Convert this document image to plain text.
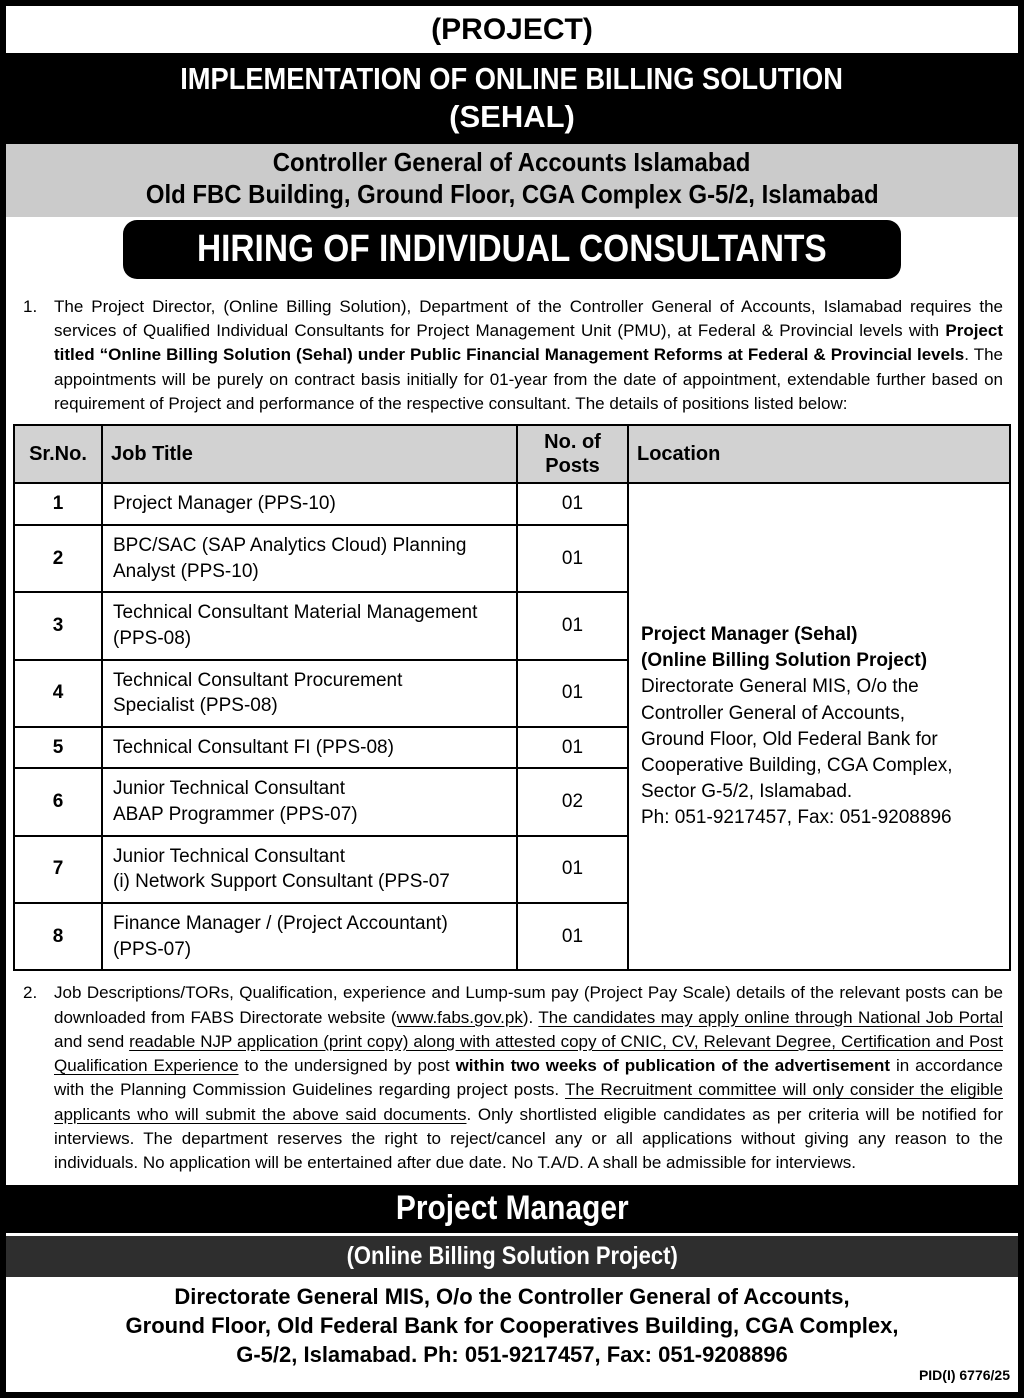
(PROJECT)
IMPLEMENTATION OF ONLINE BILLING SOLUTION
(SEHAL)
Controller General of Accounts Islamabad
Old FBC Building, Ground Floor, CGA Complex G-5/2, Islamabad
HIRING OF INDIVIDUAL CONSULTANTS
1. The Project Director, (Online Billing Solution), Department of the Controller General of Accounts, Islamabad requires the services of Qualified Individual Consultants for Project Management Unit (PMU), at Federal & Provincial levels with Project titled “Online Billing Solution (Sehal) under Public Financial Management Reforms at Federal & Provincial levels. The appointments will be purely on contract basis initially for 01-year from the date of appointment, extendable further based on requirement of Project and performance of the respective consultant. The details of positions listed below:
Sr.No.	Job Title	No. of Posts	Location
1	Project Manager (PPS-10)	01	
Project Manager (Sehal)
(Online Billing Solution Project)
Directorate General MIS, O/o the
Controller General of Accounts,
Ground Floor, Old Federal Bank for
Cooperative Building, CGA Complex,
Sector G-5/2, Islamabad.
Ph: 051-9217457, Fax: 051-9208896

2	BPC/SAC (SAP Analytics Cloud) Planning
Analyst (PPS-10)	01	
3	Technical Consultant Material Management
(PPS-08)	01	
4	Technical Consultant Procurement
Specialist (PPS-08)	01	
5	Technical Consultant FI (PPS-08)	01	
6	Junior Technical Consultant
ABAP Programmer (PPS-07)	02	
7	Junior Technical Consultant
(i) Network Support Consultant (PPS-07	01	
8	Finance Manager / (Project Accountant)
(PPS-07)	01	
2. Job Descriptions/TORs, Qualification, experience and Lump-sum pay (Project Pay Scale) details of the relevant posts can be downloaded from FABS Directorate website (www.fabs.gov.pk). The candidates may apply online through National Job Portal and send readable NJP application (print copy) along with attested copy of CNIC, CV, Relevant Degree, Certification and Post Qualification Experience to the undersigned by post within two weeks of publication of the advertisement in accordance with the Planning Commission Guidelines regarding project posts. The Recruitment committee will only consider the eligible applicants who will submit the above said documents. Only shortlisted eligible candidates as per criteria will be notified for interviews. The department reserves the right to reject/cancel any or all applications without giving any reason to the individuals. No application will be entertained after due date. No T.A/D. A shall be admissible for interviews.
Project Manager
(Online Billing Solution Project)
Directorate General MIS, O/o the Controller General of Accounts,
Ground Floor, Old Federal Bank for Cooperatives Building, CGA Complex,
G-5/2, Islamabad. Ph: 051-9217457, Fax: 051-9208896
PID(I) 6776/25
